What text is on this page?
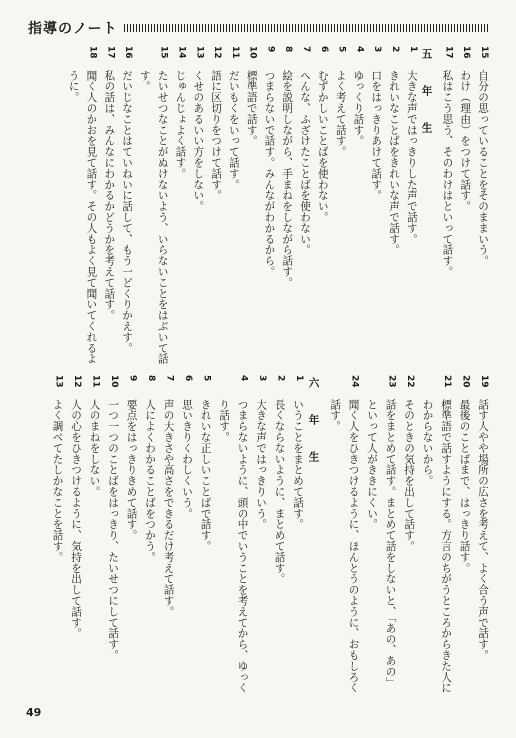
指導のノート
15
自分の思っていることをそのままいう。
16
わけ（理由）をつけて話す。
17
私はこう思う、そのわけはといって話す。
五　年　生
1
大きな声ではっきりした声で話す。
2
きれいなことばをきれいな声で話す。
3
口をはっきりあけて話す。
4
ゆっくり話す。
5
よく考えて話す。
6
むずかしいことばを使わない。
7
へんな、ふざけたことばを使わない。
8
絵を説明しながら、手まねをしながら話す。
9
つまらないで話す。みんながわかるから。
10
標準語で話す。
11
だいもくをいって話す。
12
語に区切りをつけて話す。
13
くせのあるいい方をしない。
14
じゅんじょよく話す。
15
たいせつなことがぬけないよう、いらないことをはぶいて話
す。
16
だいじなことはていねいに話して、もう一どくりかえす。
17
私の話は、みんなにわかるかどうかを考えて話す。
18
聞く人のかおを見て話す。その人もよく見て聞いてくれるよ
うに。
19
話す人やや場所の広さを考えて、よく合う声で話す。
20
最後のことばまで、はっきり話す。
21
標準語で話すようにする。方言のちがうところからきた人に
わからないから。
22
そのときの気持を出して話す。
23
話をまとめて話す。まとめて話をしないと、「あの、あの」
といって人がききにくい。
24
聞く人をひきつけるように、ほんとうのように、おもしろく
話す。
六　年　生
1
いうことをまとめて話す。
2
長くならないように、まとめて話す。
3
大きな声ではっきりいう。
4
つまらないように、頭の中でいうことを考えてから、ゆっく
り話す。
5
きれいな正しいことばで話す。
6
思いきりくわしくいう。
7
声の大きさや高さをできるだけ考えて話す。
8
人によくわかることばをつかう。
9
要点をはっきりきめて話す。
10
一つ一つのことばをはっきり、たいせつにして話す。
11
人のまねをしない。
12
人の心をひきつけるように、気持を出して話す。
13
よく調べてたしかなことを話す。
49
